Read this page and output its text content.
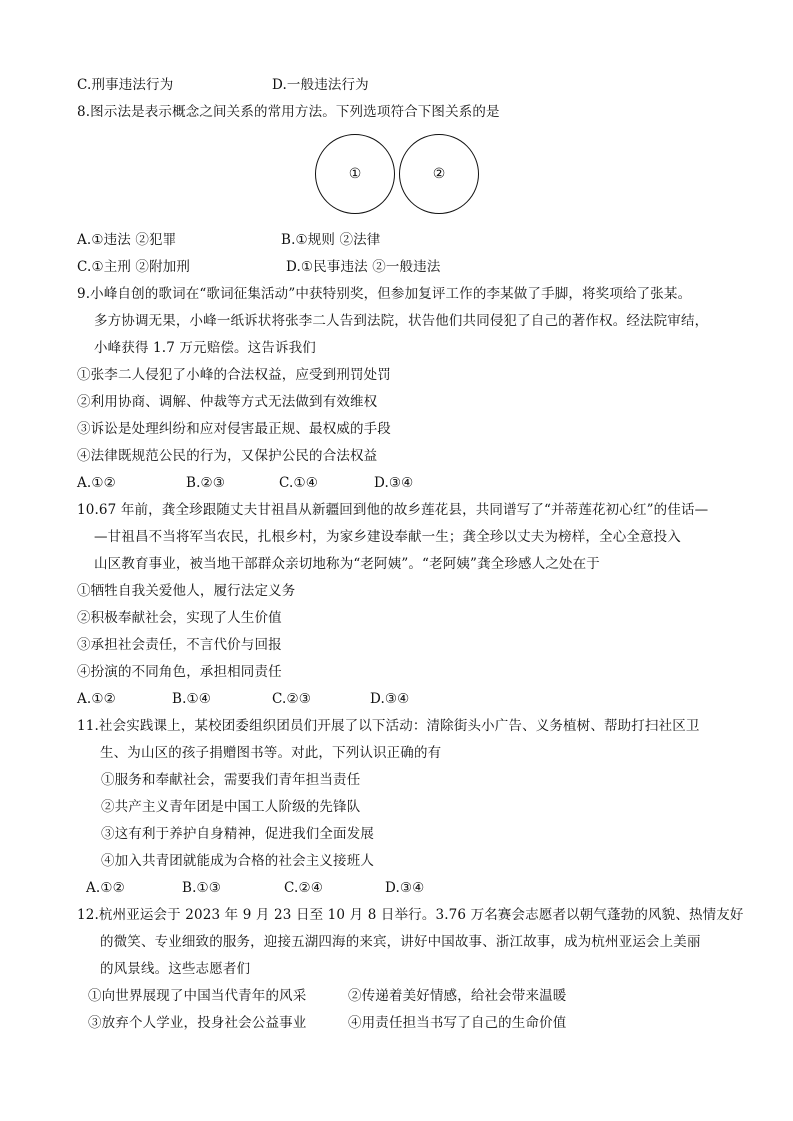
C.刑事违法行为	D.一般违法行为
8.图示法是表示概念之间关系的常用方法。下列选项符合下图关系的是
①	②
A.①违法 ②犯罪	B.①规则 ②法律
C.①主刑 ②附加刑	D.①民事违法 ②一般违法
9.小峰自创的歌词在“歌词征集活动”中获特别奖，但参加复评工作的李某做了手脚，将奖项给了张某。
多方协调无果，小峰一纸诉状将张李二人告到法院，状告他们共同侵犯了自己的著作权。经法院审结，
小峰获得 1.7 万元赔偿。这告诉我们
①张李二人侵犯了小峰的合法权益，应受到刑罚处罚
②利用协商、调解、仲裁等方式无法做到有效维权
③诉讼是处理纠纷和应对侵害最正规、最权威的手段
④法律既规范公民的行为，又保护公民的合法权益
A.①②	B.②③	C.①④	D.③④
10.67 年前，龚全珍跟随丈夫甘祖昌从新疆回到他的故乡莲花县，共同谱写了“并蒂莲花初心红”的佳话—
—甘祖昌不当将军当农民，扎根乡村，为家乡建设奉献一生；龚全珍以丈夫为榜样，全心全意投入
山区教育事业，被当地干部群众亲切地称为“老阿姨”。“老阿姨”龚全珍感人之处在于
①牺牲自我关爱他人，履行法定义务
②积极奉献社会，实现了人生价值
③承担社会责任，不言代价与回报
④扮演的不同角色，承担相同责任
A.①②	B.①④	C.②③	D.③④
11.社会实践课上，某校团委组织团员们开展了以下活动：清除街头小广告、义务植树、帮助打扫社区卫
生、为山区的孩子捐赠图书等。对此，下列认识正确的有
①服务和奉献社会，需要我们青年担当责任
②共产主义青年团是中国工人阶级的先锋队
③这有利于养护自身精神，促进我们全面发展
④加入共青团就能成为合格的社会主义接班人
A.①②	B.①③	C.②④	D.③④
12.杭州亚运会于 2023 年 9 月 23 日至 10 月 8 日举行。3.76 万名赛会志愿者以朝气蓬勃的风貌、热情友好
的微笑、专业细致的服务，迎接五湖四海的来宾，讲好中国故事、浙江故事，成为杭州亚运会上美丽
的风景线。这些志愿者们
①向世界展现了中国当代青年的风采	②传递着美好情感，给社会带来温暖
③放弃个人学业，投身社会公益事业	④用责任担当书写了自己的生命价值
